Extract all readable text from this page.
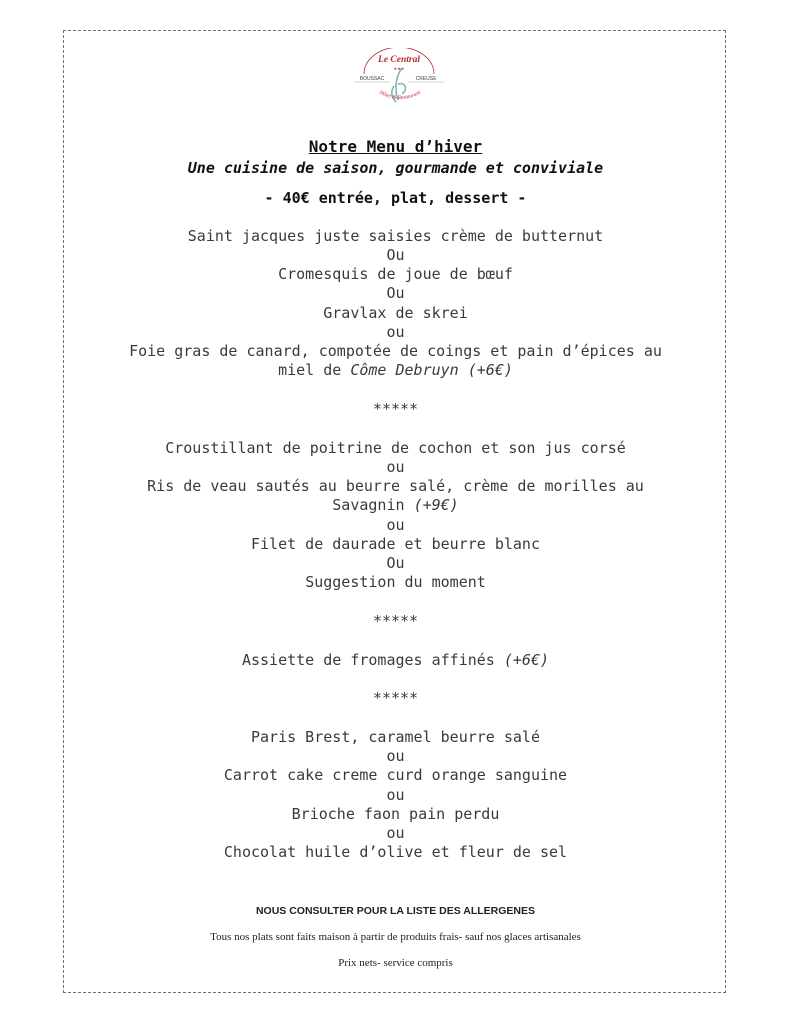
Le Central
★★★
BOUSSAC	CREUSE
Hôtel & Restaurant
Notre Menu d’hiver
Une cuisine de saison, gourmande et conviviale
- 40€ entrée, plat, dessert -
Saint jacques juste saisies crème de butternut
Ou
Cromesquis de joue de bœuf
Ou
Gravlax de skrei
ou
Foie gras de canard, compotée de coings et pain d’épices au
miel de Côme Debruyn (+6€)
*****
Croustillant de poitrine de cochon et son jus corsé
ou
Ris de veau sautés au beurre salé, crème de morilles au
Savagnin (+9€)
ou
Filet de daurade et beurre blanc
Ou
Suggestion du moment
*****
Assiette de fromages affinés (+6€)
*****
Paris Brest, caramel beurre salé
ou
Carrot cake creme curd orange sanguine
ou
Brioche faon pain perdu
ou
Chocolat huile d’olive et fleur de sel
NOUS CONSULTER POUR LA LISTE DES ALLERGENES
Tous nos plats sont faits maison à partir de produits frais- sauf nos glaces artisanales
Prix nets- service compris
